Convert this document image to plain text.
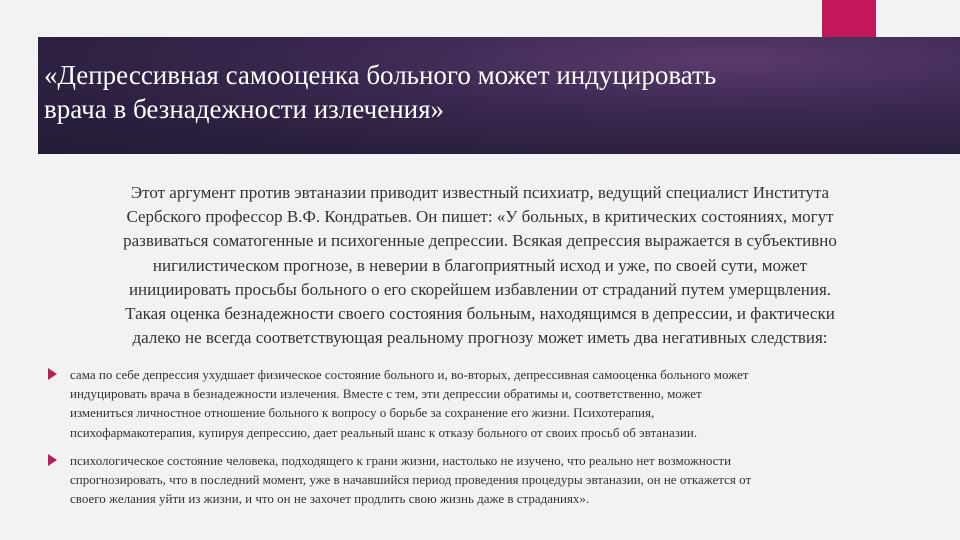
«Депрессивная самооценка больного может индуцировать
врача в безнадежности излечения»
Этот аргумент против эвтаназии приводит известный психиатр, ведущий специалист Института
Сербского профессор В.Ф. Кондратьев. Он пишет: «У больных, в критических состояниях, могут
развиваться соматогенные и психогенные депрессии. Всякая депрессия выражается в субъективно
нигилистическом прогнозе, в неверии в благоприятный исход и уже, по своей сути, может
инициировать просьбы больного о его скорейшем избавлении от страданий путем умерщвления.
Такая оценка безнадежности своего состояния больным, находящимся в депрессии, и фактически
далеко не всегда соответствующая реальному прогнозу может иметь два негативных следствия:
сама по себе депрессия ухудшает физическое состояние больного и, во-вторых, депрессивная самооценка больного может
индуцировать врача в безнадежности излечения. Вместе с тем, эти депрессии обратимы и, соответственно, может
измениться личностное отношение больного к вопросу о борьбе за сохранение его жизни. Психотерапия,
психофармакотерапия, купируя депрессию, дает реальный шанс к отказу больного от своих просьб об эвтаназии.
психологическое состояние человека, подходящего к грани жизни, настолько не изучено, что реально нет возможности
спрогнозировать, что в последний момент, уже в начавшийся период проведения процедуры эвтаназии, он не откажется от
своего желания уйти из жизни, и что он не захочет продлить свою жизнь даже в страданиях».
